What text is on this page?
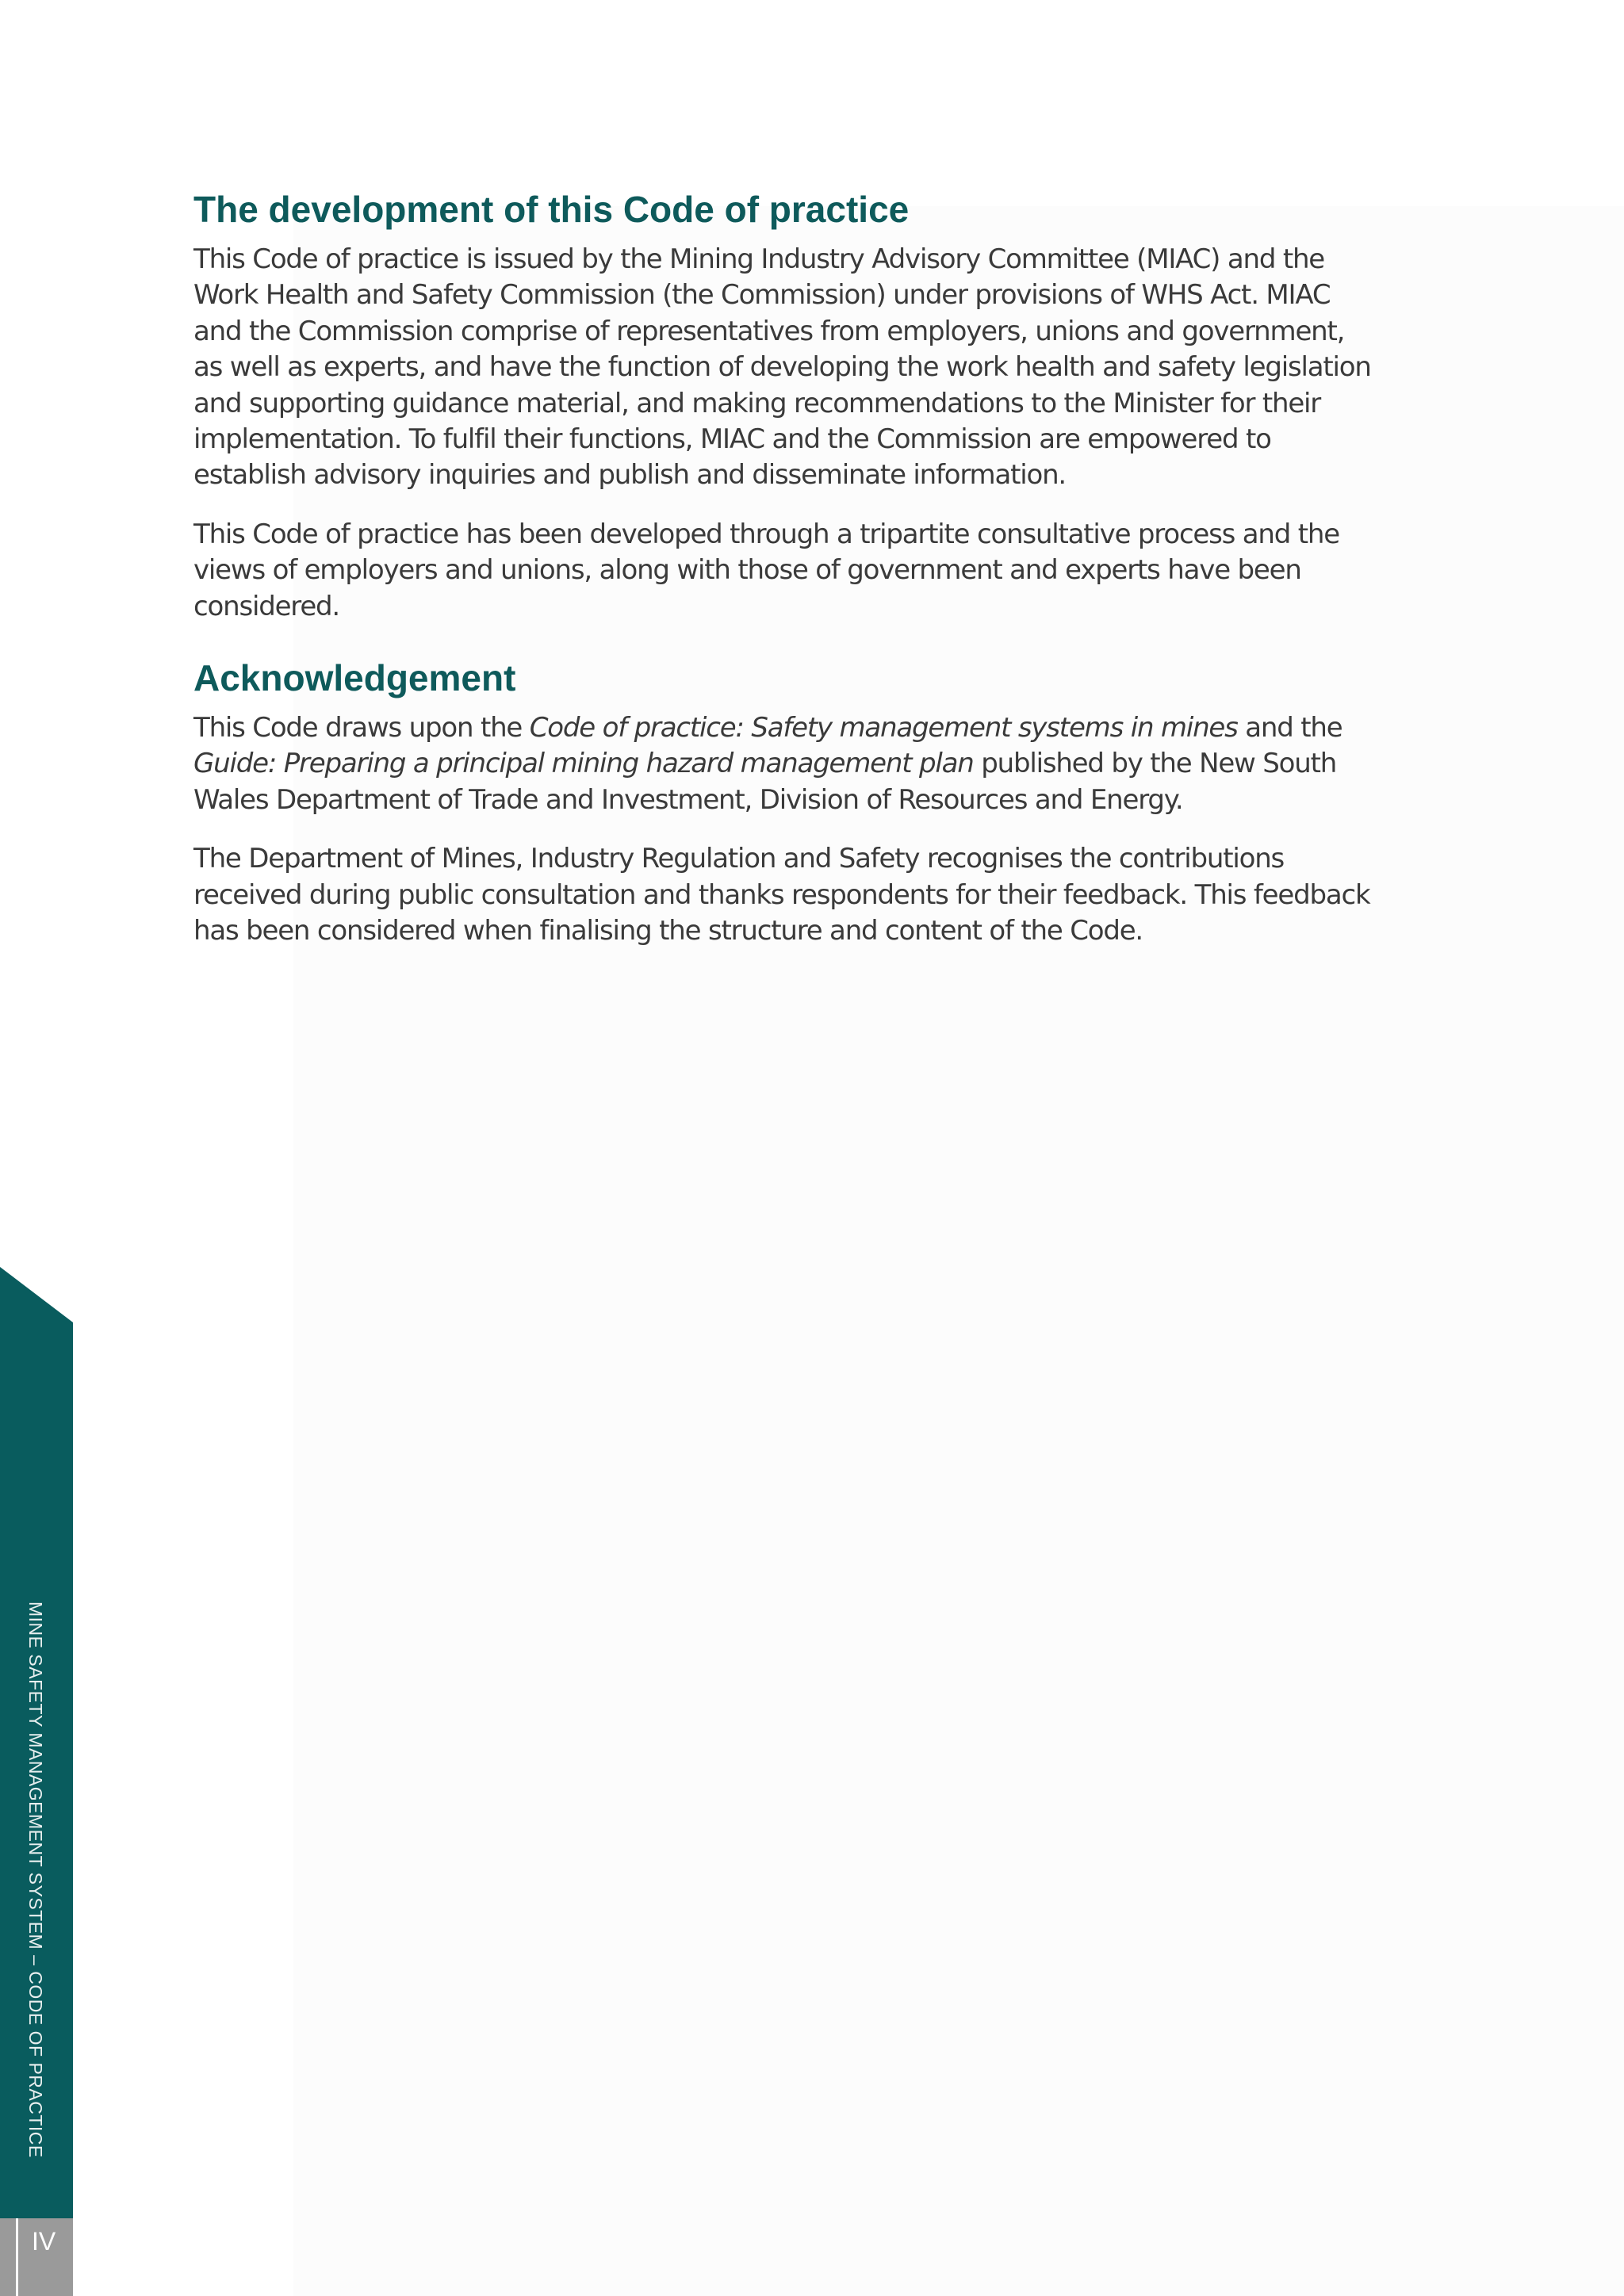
The development of this Code of practice

This Code of practice is issued by the Mining Industry Advisory Committee (MIAC) and the
Work Health and Safety Commission (the Commission) under provisions of WHS Act. MIAC
and the Commission comprise of representatives from employers, unions and government,
as well as experts, and have the function of developing the work health and safety legislation
and supporting guidance material, and making recommendations to the Minister for their
implementation. To fulfil their functions, MIAC and the Commission are empowered to
establish advisory inquiries and publish and disseminate information.

This Code of practice has been developed through a tripartite consultative process and the
views of employers and unions, along with those of government and experts have been
considered.

Acknowledgement

This Code draws upon the Code of practice: Safety management systems in mines and the
Guide: Preparing a principal mining hazard management plan published by the New South
Wales Department of Trade and Investment, Division of Resources and Energy.

The Department of Mines, Industry Regulation and Safety recognises the contributions
received during public consultation and thanks respondents for their feedback. This feedback
has been considered when finalising the structure and content of the Code.

MINE SAFETY MANAGEMENT SYSTEM – CODE OF PRACTICE
IV
